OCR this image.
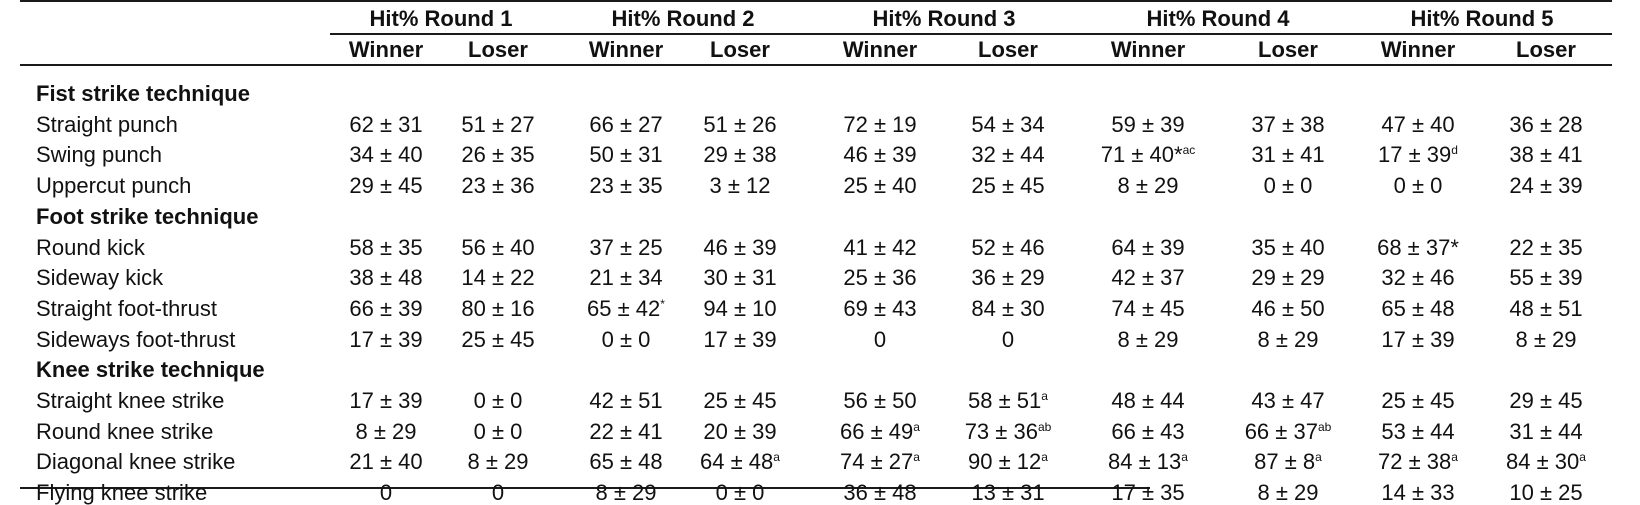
Hit% Round 1	Hit% Round 2	Hit% Round 3	Hit% Round 4	Hit% Round 5
Winner Loser	Winner Loser	Winner	Loser	Winner	Loser	Winner	Loser
Fist strike technique
Straight punch	62 ± 31 51 ± 27 66 ± 27 51 ± 26	72 ± 19 54 ± 34	59 ± 39	37 ± 38	47 ± 40 36 ± 28
Swing punch	34 ± 40 26 ± 35 50 ± 31 29 ± 38	46 ± 39 32 ± 44	71 ± 40*$^{ac}$	31 ± 41 $17 \pm 39^d$ 38 ± 41
Uppercut punch	29 ± 45 23 ± 36 23 ± 35 3 ± 12	25 ± 40 25 ± 45	8 ± 29	0 ± 0	0 ± 0	24 ± 39
Foot strike technique
Round kick	58 ± 35 56 ± 40 37 ± 25 46 ± 39	41 ± 42 52 ± 46	64 ± 39	35 ± 40 68 ± 37* 22 ± 35
Sideway kick	38 ± 48 14 ± 22 21 ± 34 30 ± 31	25 ± 36 36 ± 29	42 ± 37	29 ± 29	32 ± 46 55 ± 39
Straight foot-thrust	66 ± 39 80 ± 16 65 ± 42* 94 ± 10	69 ± 43 84 ± 30	74 ± 45	46 ± 50	65 ± 48 48 ± 51
Sideways foot-thrust	17 ± 39 25 ± 45	0 ± 0 17 ± 39	0	0	8 ± 29	8 ± 29	17 ± 39	8 ± 29
Knee strike technique
Straight knee strike	17 ± 39 0 ± 0	42 ± 51 25 ± 45	56 ± 50 $58 \pm 51^a$	48 ± 44	43 ± 47	25 ± 45 29 ± 45
Round knee strike	8 ± 29	0 ± 0	22 ± 41 20 ± 39	$66 \pm 49^a$ $73 \pm 36^{ab}$	66 ± 43	$66 \pm 37^{ab}$ 53 ± 44 31 ± 44
Diagonal knee strike	21 ± 40 8 ± 29	65 ± 48 $64 \pm 48^a$	$74 \pm 27^a$ $90 \pm 12^a$	$84 \pm 13^a$	$87 \pm 8^a$	$72 \pm 38^a$ $84 \pm 30^a$
Flying knee strike	0	0	8 ± 29	0 ± 0	36 ± 48 13 ± 31	17 ± 35	8 ± 29	14 ± 33 10 ± 25
